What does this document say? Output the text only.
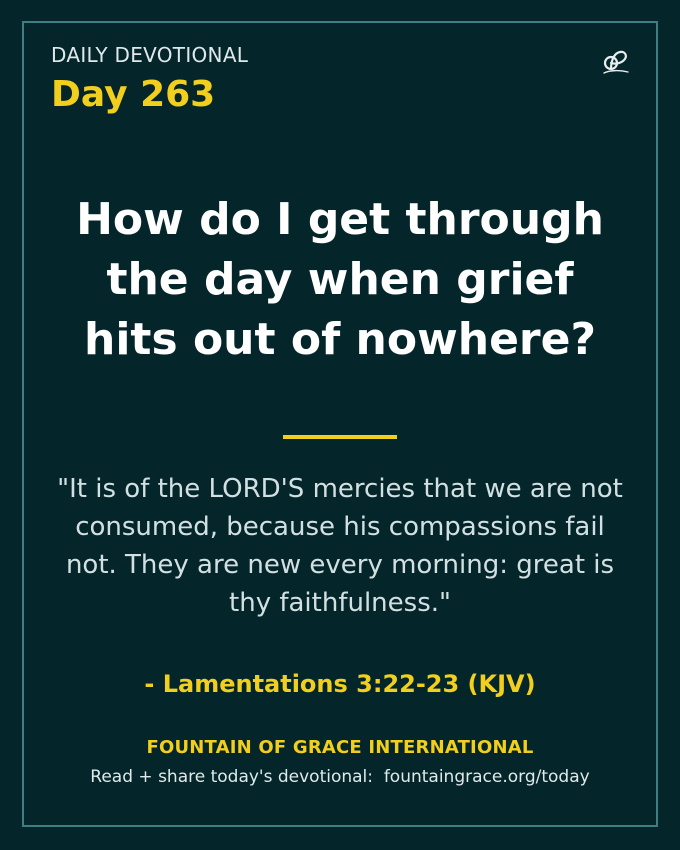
DAILY DEVOTIONAL
Day 263
How do I get through the day when grief hits out of nowhere?
"It is of the LORD'S mercies that we are not consumed, because his compassions fail not. They are new every morning: great is thy faithfulness."
- Lamentations 3:22-23 (KJV)
FOUNTAIN OF GRACE INTERNATIONAL
Read + share today's devotional:  fountaingrace.org/today
